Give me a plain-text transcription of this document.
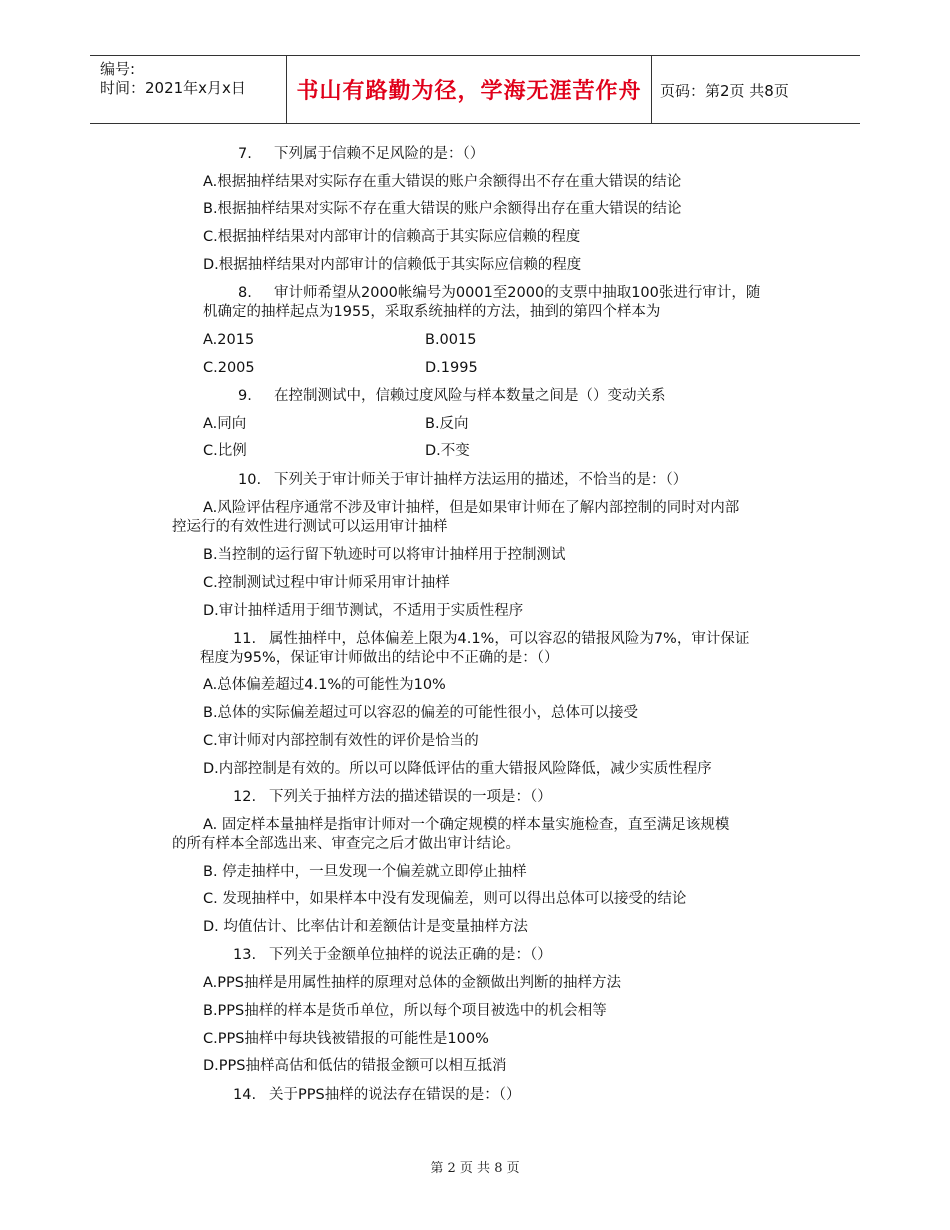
编号:
时间：2021年x月x日	书山有路勤为径，学海无涯苦作舟	页码：第2页 共8页
7. 下列属于信赖不足风险的是：（）
A.根据抽样结果对实际存在重大错误的账户余额得出不存在重大错误的结论
B.根据抽样结果对实际不存在重大错误的账户余额得出存在重大错误的结论
C.根据抽样结果对内部审计的信赖高于其实际应信赖的程度
D.根据抽样结果对内部审计的信赖低于其实际应信赖的程度
8. 审计师希望从2000帐编号为0001至2000的支票中抽取100张进行审计，随
机确定的抽样起点为1955，采取系统抽样的方法，抽到的第四个样本为
A.2015	B.0015
C.2005	D.1995
9. 在控制测试中，信赖过度风险与样本数量之间是（）变动关系
A.同向	B.反向
C.比例	D.不变
10. 下列关于审计师关于审计抽样方法运用的描述，不恰当的是：（）
A.风险评估程序通常不涉及审计抽样，但是如果审计师在了解内部控制的同时对内部
控运行的有效性进行测试可以运用审计抽样
B.当控制的运行留下轨迹时可以将审计抽样用于控制测试
C.控制测试过程中审计师采用审计抽样
D.审计抽样适用于细节测试，不适用于实质性程序
11. 属性抽样中，总体偏差上限为4.1%，可以容忍的错报风险为7%，审计保证
程度为95%，保证审计师做出的结论中不正确的是：（）
A.总体偏差超过4.1%的可能性为10%
B.总体的实际偏差超过可以容忍的偏差的可能性很小，总体可以接受
C.审计师对内部控制有效性的评价是恰当的
D.内部控制是有效的。所以可以降低评估的重大错报风险降低，减少实质性程序
12. 下列关于抽样方法的描述错误的一项是：（）
A. 固定样本量抽样是指审计师对一个确定规模的样本量实施检查，直至满足该规模
的所有样本全部选出来、审查完之后才做出审计结论。
B. 停走抽样中，一旦发现一个偏差就立即停止抽样
C. 发现抽样中，如果样本中没有发现偏差，则可以得出总体可以接受的结论
D. 均值估计、比率估计和差额估计是变量抽样方法
13. 下列关于金额单位抽样的说法正确的是：（）
A.PPS抽样是用属性抽样的原理对总体的金额做出判断的抽样方法
B.PPS抽样的样本是货币单位，所以每个项目被选中的机会相等
C.PPS抽样中每块钱被错报的可能性是100%
D.PPS抽样高估和低估的错报金额可以相互抵消
14. 关于PPS抽样的说法存在错误的是：（）
第 2 页 共 8 页
